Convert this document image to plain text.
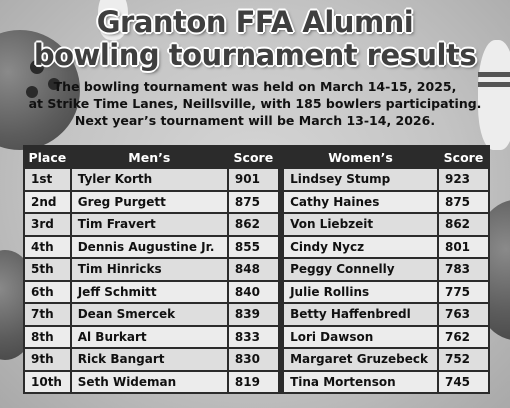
Granton FFA Alumni
bowling tournament results
The bowling tournament was held on March 14-15, 2025,
at Strike Time Lanes, Neillsville, with 185 bowlers participating.
Next year’s tournament will be March 13-14, 2026.
Place	Men’s	Score		Women’s	Score
1st	Tyler Korth	901		Lindsey Stump	923
2nd	Greg Purgett	875		Cathy Haines	875
3rd	Tim Fravert	862		Von Liebzeit	862
4th	Dennis Augustine Jr.	855		Cindy Nycz	801
5th	Tim Hinricks	848		Peggy Connelly	783
6th	Jeff Schmitt	840		Julie Rollins	775
7th	Dean Smercek	839		Betty Haffenbredl	763
8th	Al Burkart	833		Lori Dawson	762
9th	Rick Bangart	830		Margaret Gruzebeck	752
10th	Seth Wideman	819		Tina Mortenson	745
